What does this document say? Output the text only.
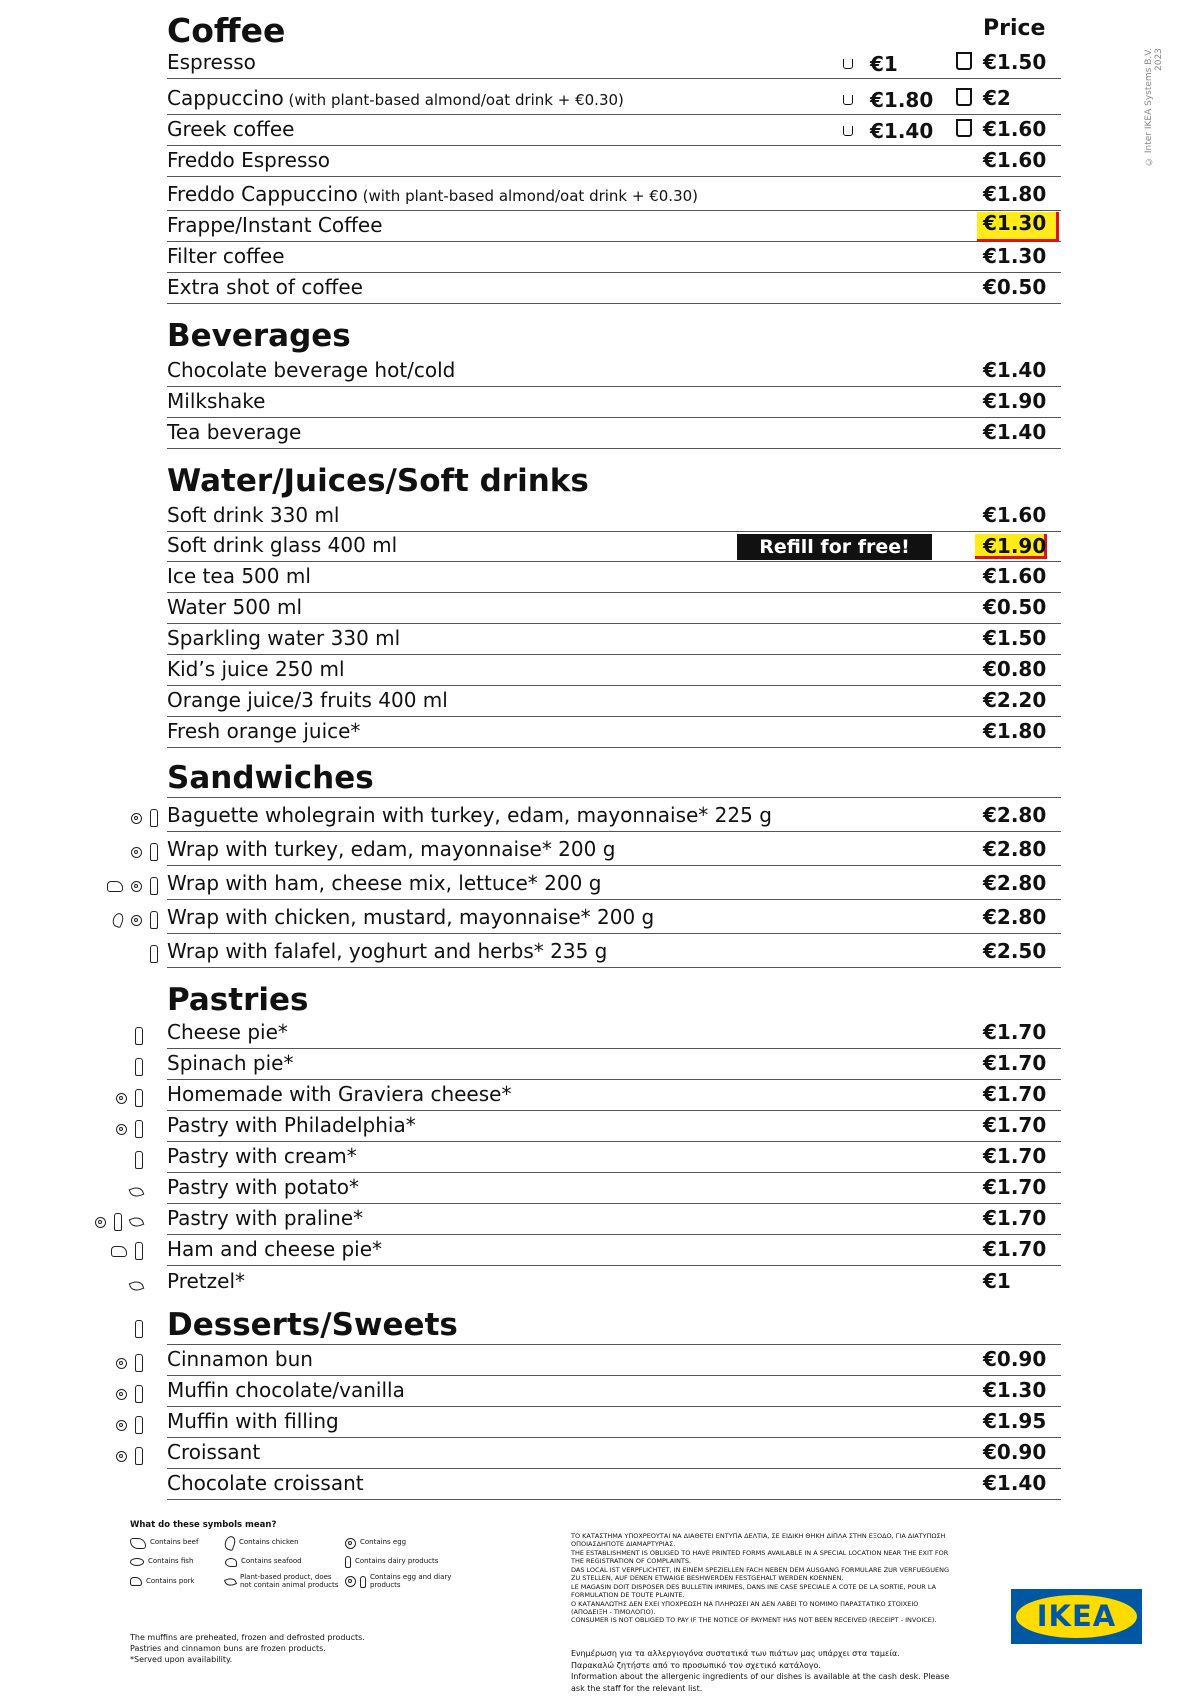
© Inter IKEA Systems B.V. 2023
Coffee	Price
Espresso	€1	€1.50
Cappuccino (with plant-based almond/oat drink + €0.30)	€1.80 €2
Greek coffee	€1.40 €1.60
Freddo Espresso	€1.60
Freddo Cappuccino (with plant-based almond/oat drink + €0.30)	€1.80
Frappe/Instant Coffee	€1.30
Filter coffee	€1.30
Extra shot of coffee	€0.50
Beverages
Chocolate beverage hot/cold	€1.40
Milkshake	€1.90
Tea beverage	€1.40
Water/Juices/Soft drinks
Soft drink 330 ml	€1.60
Soft drink glass 400 ml	Refill for free!	€1.90
Ice tea 500 ml	€1.60
Water 500 ml	€0.50
Sparkling water 330 ml	€1.50
Kid’s juice 250 ml	€0.80
Orange juice/3 fruits 400 ml	€2.20
Fresh orange juice*	€1.80
Sandwiches
Baguette wholegrain with turkey, edam, mayonnaise* 225 g	€2.80
Wrap with turkey, edam, mayonnaise* 200 g	€2.80
Wrap with ham, cheese mix, lettuce* 200 g	€2.80
Wrap with chicken, mustard, mayonnaise* 200 g	€2.80
Wrap with falafel, yoghurt and herbs* 235 g	€2.50
Pastries
Cheese pie*	€1.70
Spinach pie*	€1.70
Homemade with Graviera cheese*	€1.70
Pastry with Philadelphia*	€1.70
Pastry with cream*	€1.70
Pastry with potato*	€1.70
Pastry with praline*	€1.70
Ham and cheese pie*	€1.70
Pretzel*	€1
Desserts/Sweets
Cinnamon bun	€0.90
Muffin chocolate/vanilla	€1.30
Muffin with filling	€1.95
Croissant	€0.90
Chocolate croissant	€1.40
What do these symbols mean?
Contains beef	Contains chicken	Contains egg
Contains fish	Contains seafood	Contains dairy products
Contains pork	Plant-based product, does not contain animal products
Contains egg and diary products
The muffins are preheated, frozen and defrosted products.
Pastries and cinnamon buns are frozen products.
*Served upon availability.

ΤΟ ΚΑΤΑΣΤΗΜΑ ΥΠΟΧΡΕΟΥΤΑΙ ΝΑ ΔΙΑΘΕΤΕΙ ΕΝΤΥΠΑ ΔΕΛΤΙΑ, ΣΕ ΕΙΔΙΚΗ ΘΗΚΗ ΔΙΠΛΑ ΣΤΗΝ ΕΞΟΔΟ, ΓΙΑ ΔΙΑΤΥΠΩΣΗ ΟΠΟΙΑΣΔΗΠΟΤΕ ΔΙΑΜΑΡΤΥΡΙΑΣ.

THE ESTABLISHMENT IS OBLIGED TO HAVE PRINTED FORMS AVAILABLE IN A SPECIAL LOCATION NEAR THE EXIT FOR THE REGISTRATION OF COMPLAINTS.

DAS LOCAL IST VERPFLICHTET, IN EINEM SPEZIELLEN FACH NEBEN DEM AUSGANG FORMULARE ZUR VERFUEGUENG ZU STELLEN, AUF DENEN ETWAIGE BESHWERDEN FESTGEHALT WERDEN KOENNEN.

LE MAGASIN DOIT DISPOSER DES BULLETIN IMRIMES, DANS INE CASE SPECIALE A COTE DE LA SORTIE, POUR LA FORMULATION DE TOUTE PLAINTE.

Ο ΚΑΤΑΝΑΛΩΤΗΣ ΔΕΝ ΕΧΕΙ ΥΠΟΧΡΕΩΣΗ ΝΑ ΠΛΗΡΩΣΕΙ ΑΝ ΔΕΝ ΛΑΒΕΙ ΤΟ ΝΟΜΙΜΟ ΠΑΡΑΣΤΑΤΙΚΟ ΣΤΟΙΧΕΙΟ (ΑΠΟΔΕΙΞΗ - ΤΙΜΟΛΟΓΙΟ).

CONSUMER IS NOT OBLIGED TO PAY IF THE NOTICE OF PAYMENT HAS NOT BEEN RECEIVED (RECEIPT - INVOICE).

Ενημέρωση για τα αλλεργιογόνα συστατικά των πιάτων μας υπάρχει στα ταμεία.

Παρακαλώ ζητήστε από το προσωπικό τον σχετικό κατάλογο.

Information about the allergenic ingredients of our dishes is available at the cash desk. Please ask the staff for the relevant list.

IKEA
